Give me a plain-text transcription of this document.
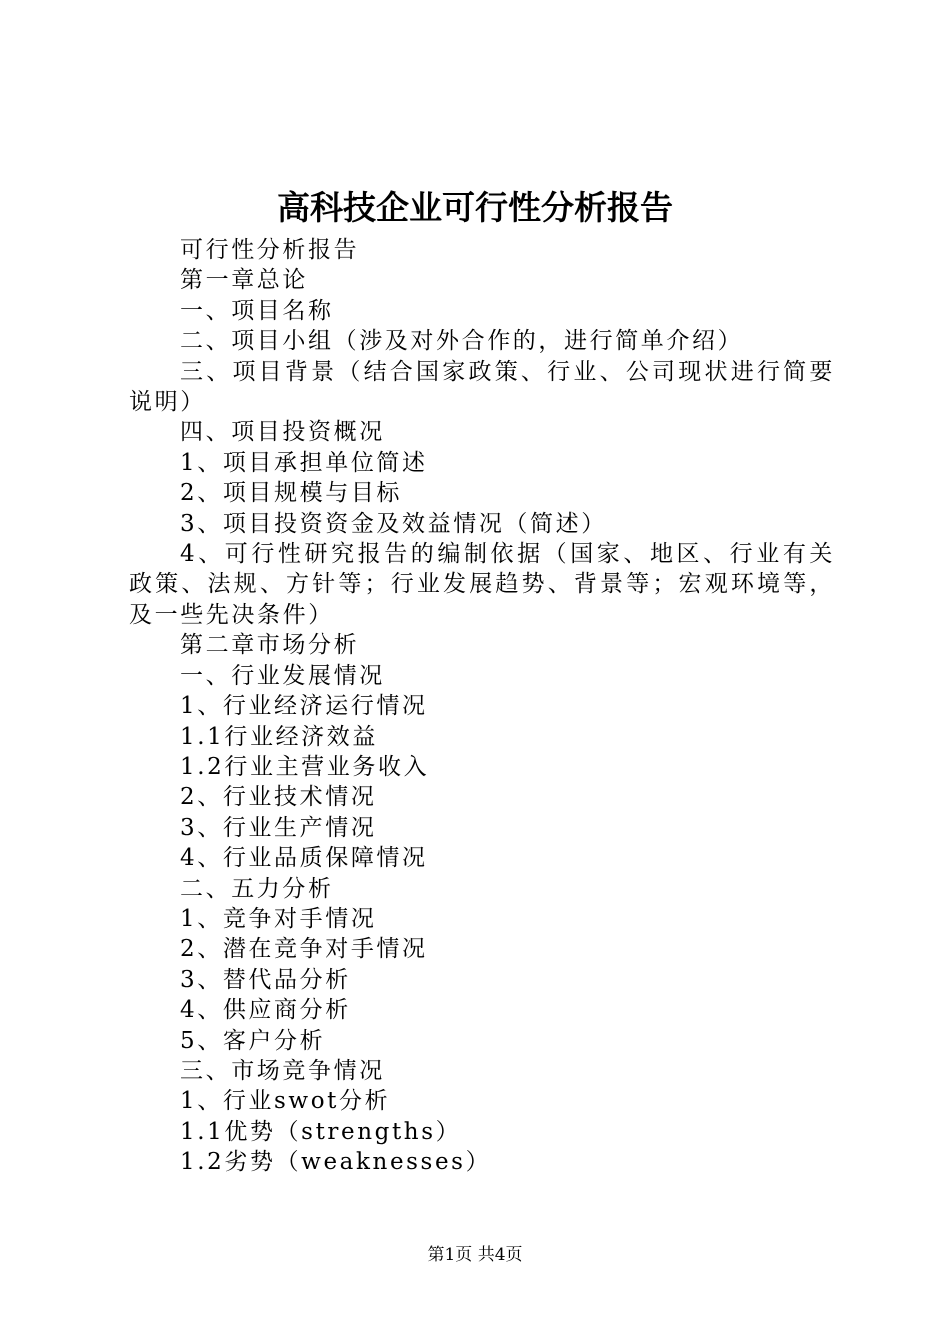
高科技企业可行性分析报告

可行性分析报告

第一章总论

一、项目名称

二、项目小组（涉及对外合作的，进行简单介绍）

三、项目背景（结合国家政策、行业、公司现状进行简要说明）

四、项目投资概况

1、项目承担单位简述

2、项目规模与目标

3、项目投资资金及效益情况（简述）

4、可行性研究报告的编制依据（国家、地区、行业有关政策、法规、方针等；行业发展趋势、背景等；宏观环境等，及一些先决条件）

第二章市场分析

一、行业发展情况

1、行业经济运行情况

1.1行业经济效益

1.2行业主营业务收入

2、行业技术情况

3、行业生产情况

4、行业品质保障情况

二、五力分析

1、竞争对手情况

2、潜在竞争对手情况

3、替代品分析

4、供应商分析

5、客户分析

三、市场竞争情况

1、行业swot分析

1.1优势（strengths）

1.2劣势（weaknesses）

第1页 共4页
